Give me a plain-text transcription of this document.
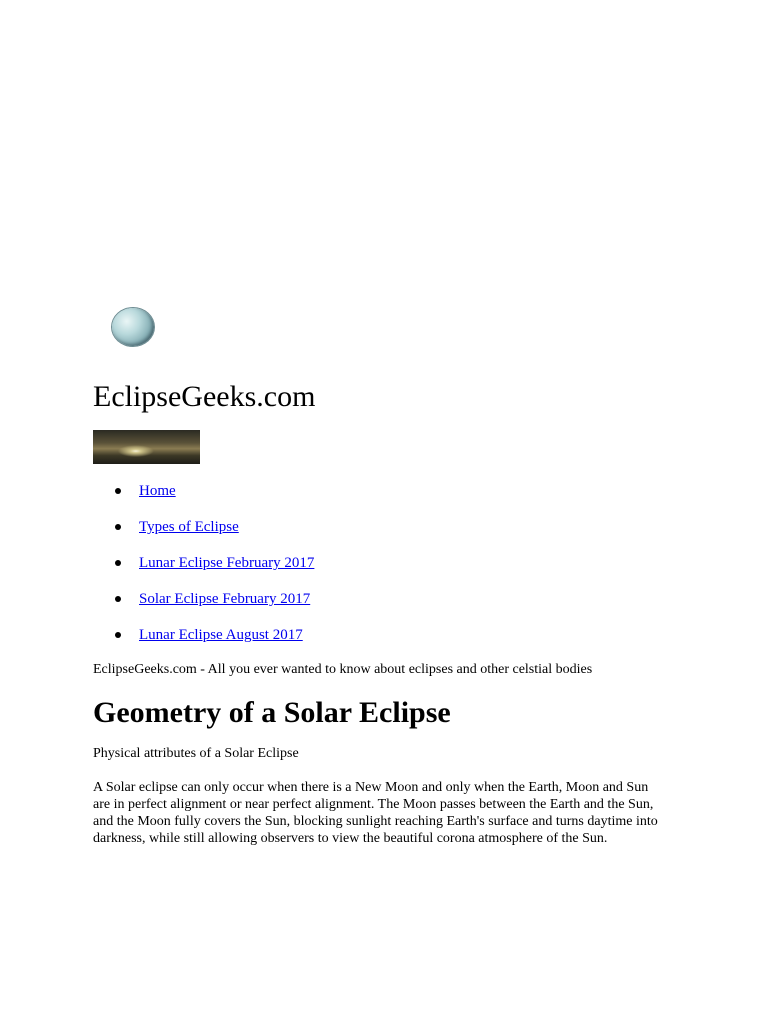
EclipseGeeks.com
Home
Types of Eclipse
Lunar Eclipse February 2017
Solar Eclipse February 2017
Lunar Eclipse August 2017

EclipseGeeks.com - All you ever wanted to know about eclipses and other celstial bodies

Geometry of a Solar Eclipse

Physical attributes of a Solar Eclipse

A Solar eclipse can only occur when there is a New Moon and only when the Earth, Moon and Sun are in perfect alignment or near perfect alignment. The Moon passes between the Earth and the Sun, and the Moon fully covers the Sun, blocking sunlight reaching Earth's surface and turns daytime into darkness, while still allowing observers to view the beautiful corona atmosphere of the Sun.
